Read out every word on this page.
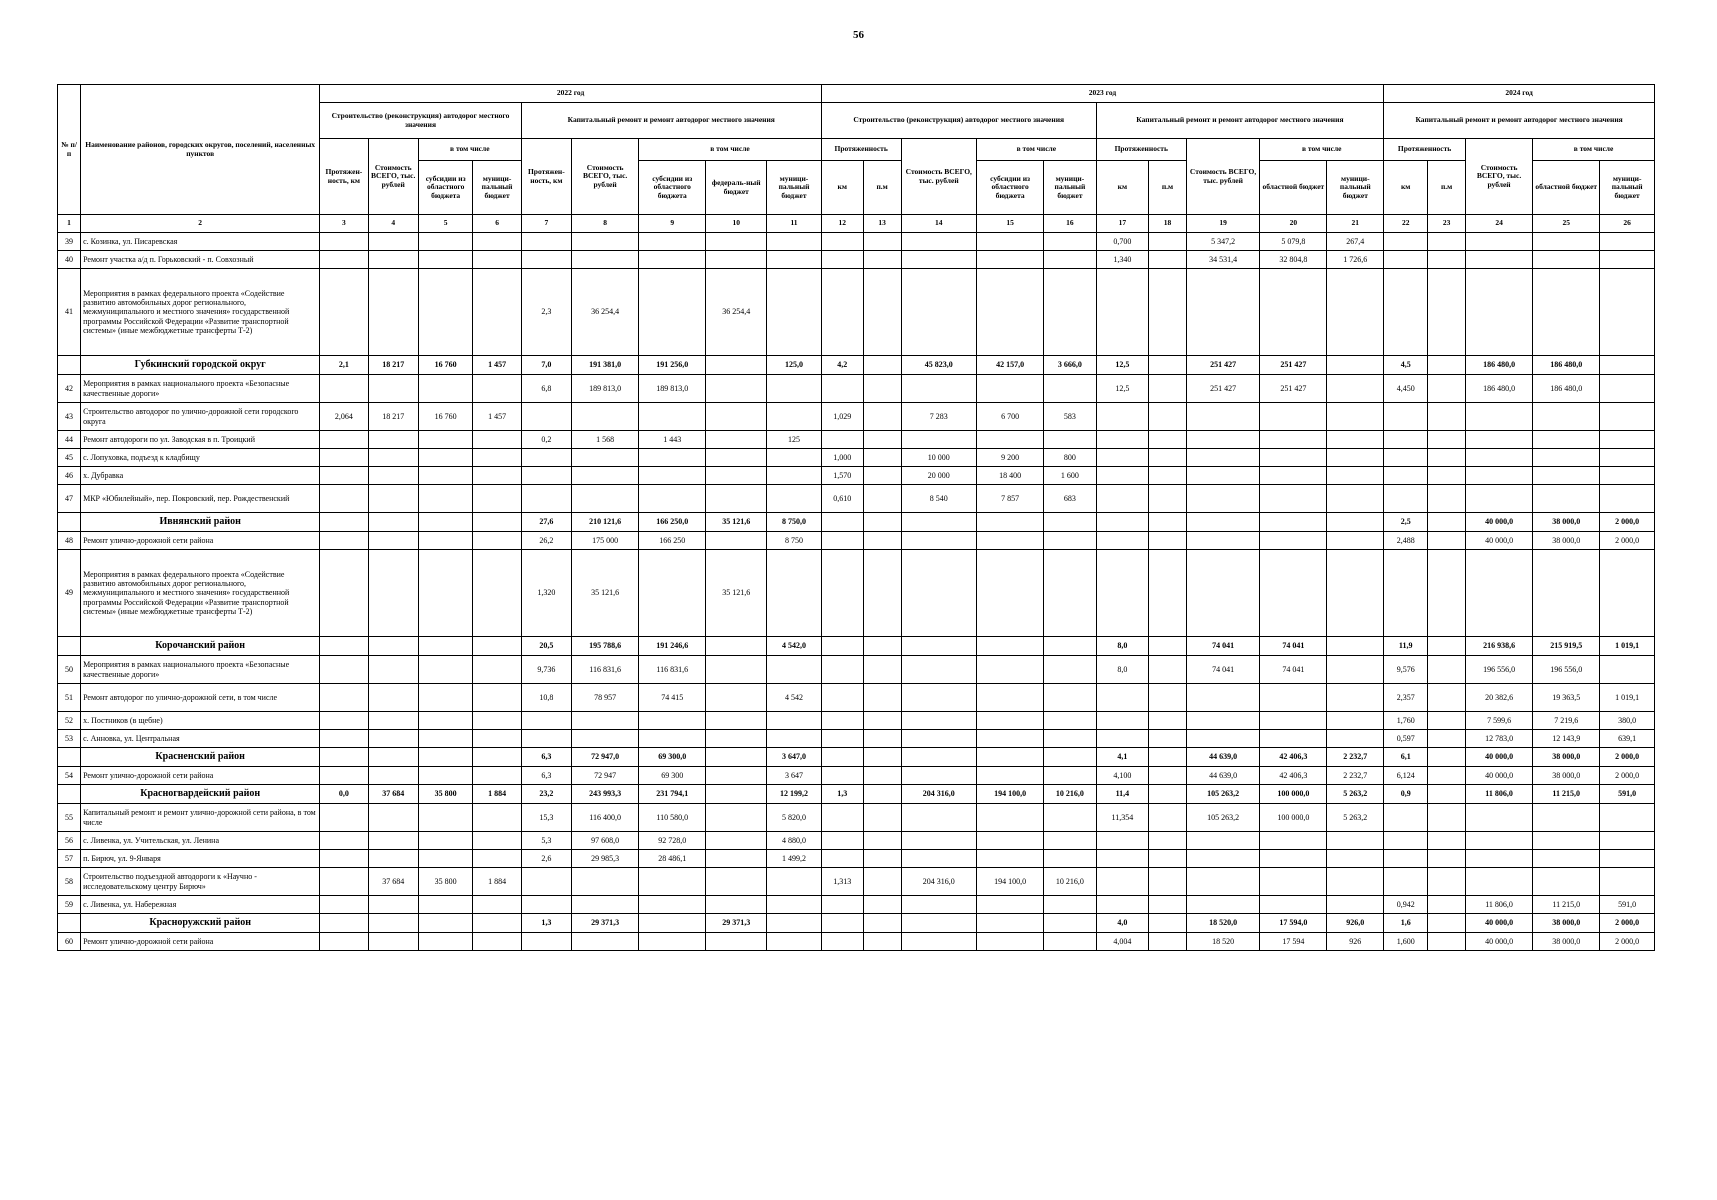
56
№ п/п	Наименование районов, городских округов, поселений, населенных пунктов	2022 год									2023 год										2024 год				
		Строительство (реконструкция) автодорог местного значения				Капитальный ремонт и ремонт автодорог местного значения					Строительство (реконструкция) автодорог местного значения					Капитальный ремонт и ремонт автодорог местного значения					Капитальный ремонт и ремонт автодорог местного значения				
		Протяжен-ность, км	Стоимость ВСЕГО, тыс. рублей	в том числе		Протяжен-ность, км	Стоимость ВСЕГО, тыс. рублей	в том числе			Протяженность		Стоимость ВСЕГО, тыс. рублей	в том числе		Протяженность		Стоимость ВСЕГО, тыс. рублей	в том числе		Протяженность		Стоимость ВСЕГО, тыс. рублей	в том числе	
				субсидии из областного бюджета	муници-пальный бюджет			субсидии из областного бюджета	федераль-ный бюджет	муници-пальный бюджет	км	п.м		субсидии из областного бюджета	муници-пальный бюджет	км	п.м		областной бюджет	муници-пальный бюджет	км	п.м		областной бюджет	муници-пальный бюджет
1	2	3	4	5	6	7	8	9	10	11	12	13	14	15	16	17	18	19	20	21	22	23	24	25	26
39	с. Козинка, ул. Писаревская															0,700		5 347,2	5 079,8	267,4					
40	Ремонт участка а/д п. Горьковский - п. Совхозный															1,340		34 531,4	32 804,8	1 726,6					
41	Мероприятия в рамках федерального проекта «Содействие развитию автомобильных дорог регионального, межмуниципального и местного значения» государственной программы Российской Федерации «Развитие транспортной системы» (иные межбюджетные трансферты Т-2)					2,3	36 254,4		36 254,4																
	Губкинский городской округ	2,1	18 217	16 760	1 457	7,0	191 381,0	191 256,0		125,0	4,2		45 823,0	42 157,0	3 666,0	12,5		251 427	251 427		4,5		186 480,0	186 480,0	
42	Мероприятия в рамках национального проекта «Безопасные качественные дороги»					6,8	189 813,0	189 813,0								12,5		251 427	251 427		4,450		186 480,0	186 480,0	
43	Строительство автодорог по улично-дорожной сети городского округа	2,064	18 217	16 760	1 457						1,029		7 283	6 700	583										
44	Ремонт автодороги по ул. Заводская в п. Троицкий					0,2	1 568	1 443		125															
45	с. Лопуховка, подъезд к кладбищу										1,000		10 000	9 200	800										
46	х. Дубравка										1,570		20 000	18 400	1 600										
47	МКР «Юбилейный», пер. Покровский, пер. Рождественский										0,610		8 540	7 857	683										
	Ивнянский район					27,6	210 121,6	166 250,0	35 121,6	8 750,0											2,5		40 000,0	38 000,0	2 000,0
48	Ремонт улично-дорожной сети района					26,2	175 000	166 250		8 750											2,488		40 000,0	38 000,0	2 000,0
49	Мероприятия в рамках федерального проекта «Содействие развитию автомобильных дорог регионального, межмуниципального и местного значения» государственной программы Российской Федерации «Развитие транспортной системы» (иные межбюджетные трансферты Т-2)					1,320	35 121,6		35 121,6																
	Корочанский район					20,5	195 788,6	191 246,6		4 542,0						8,0		74 041	74 041		11,9		216 938,6	215 919,5	1 019,1
50	Мероприятия в рамках национального проекта «Безопасные качественные дороги»					9,736	116 831,6	116 831,6								8,0		74 041	74 041		9,576		196 556,0	196 556,0	
51	Ремонт автодорог по улично-дорожной сети, в том числе					10,8	78 957	74 415		4 542											2,357		20 382,6	19 363,5	1 019,1
52	х. Постников (в щебне)																				1,760		7 599,6	7 219,6	380,0
53	с. Анновка, ул. Центральная																				0,597		12 783,0	12 143,9	639,1
	Красненский район					6,3	72 947,0	69 300,0		3 647,0						4,1		44 639,0	42 406,3	2 232,7	6,1		40 000,0	38 000,0	2 000,0
54	Ремонт улично-дорожной сети района					6,3	72 947	69 300		3 647						4,100		44 639,0	42 406,3	2 232,7	6,124		40 000,0	38 000,0	2 000,0
	Красногвардейский район	0,0	37 684	35 800	1 884	23,2	243 993,3	231 794,1		12 199,2	1,3		204 316,0	194 100,0	10 216,0	11,4		105 263,2	100 000,0	5 263,2	0,9		11 806,0	11 215,0	591,0
55	Капитальный ремонт и ремонт улично-дорожной сети района, в том числе					15,3	116 400,0	110 580,0		5 820,0						11,354		105 263,2	100 000,0	5 263,2					
56	с. Ливенка, ул. Учительская, ул. Ленина					5,3	97 608,0	92 728,0		4 880,0															
57	п. Бирюч, ул. 9-Января					2,6	29 985,3	28 486,1		1 499,2															
58	Строительство подъездной автодороги к «Научно - исследовательскому центру Бирюч»		37 684	35 800	1 884						1,313		204 316,0	194 100,0	10 216,0										
59	с. Ливенка, ул. Набережная																				0,942		11 806,0	11 215,0	591,0
	Красноружский район					1,3	29 371,3		29 371,3							4,0		18 520,0	17 594,0	926,0	1,6		40 000,0	38 000,0	2 000,0
60	Ремонт улично-дорожной сети района															4,004		18 520	17 594	926	1,600		40 000,0	38 000,0	2 000,0
